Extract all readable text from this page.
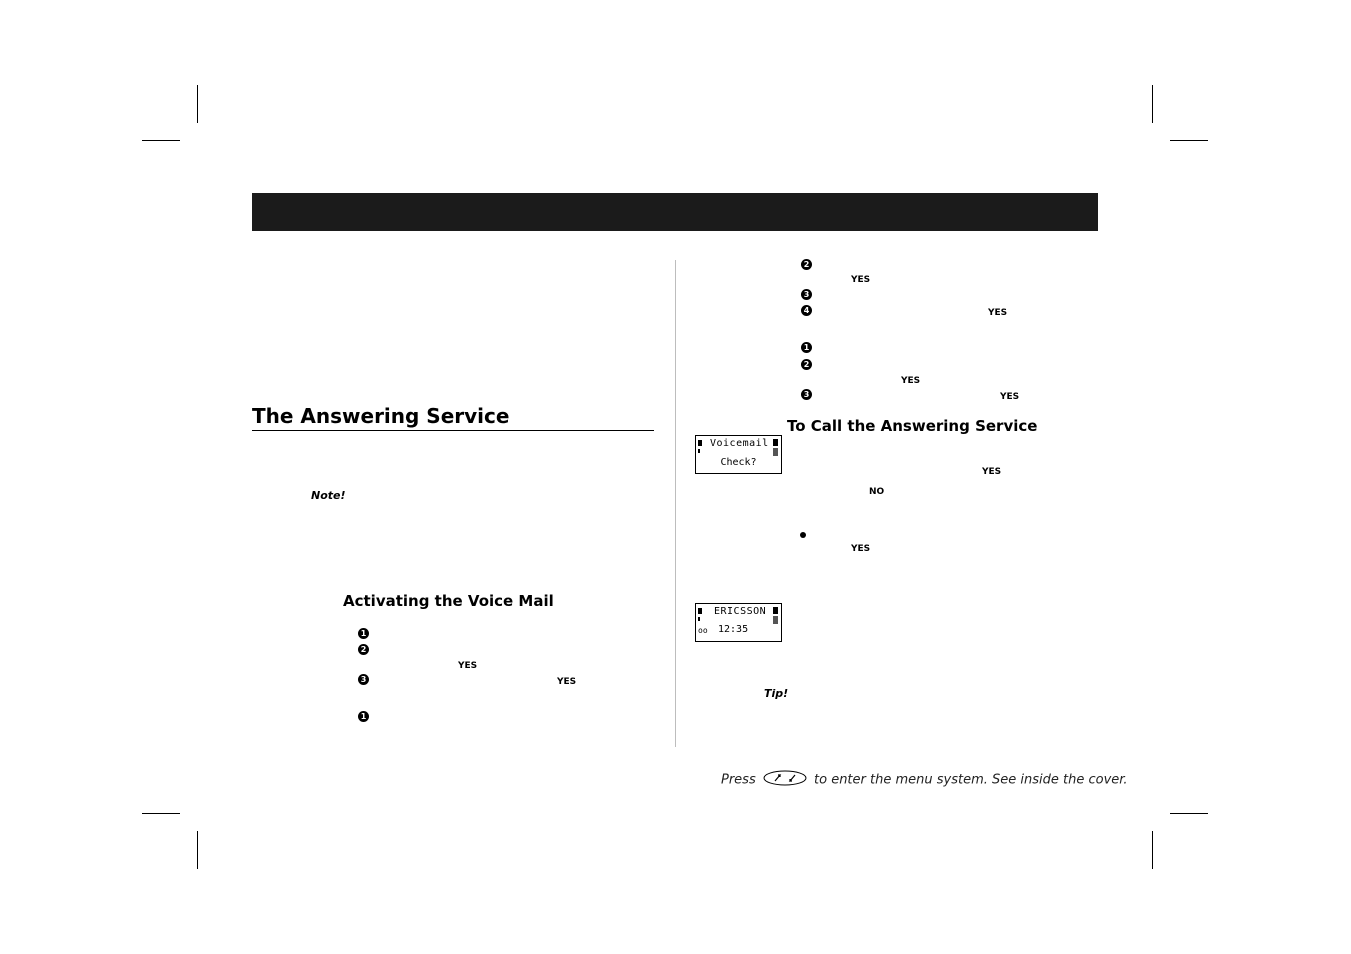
The Answering Service
Note!
Activating the Voice Mail
1
2
YES
3	YES
1
2
YES
3
4	YES
1
2
YES
3	YES
To Call the Answering Service
Voicemail
Check?
YES
NO
YES
ERICSSON
oo 12:35
Tip!
Press	to enter the menu system. See inside the cover.
